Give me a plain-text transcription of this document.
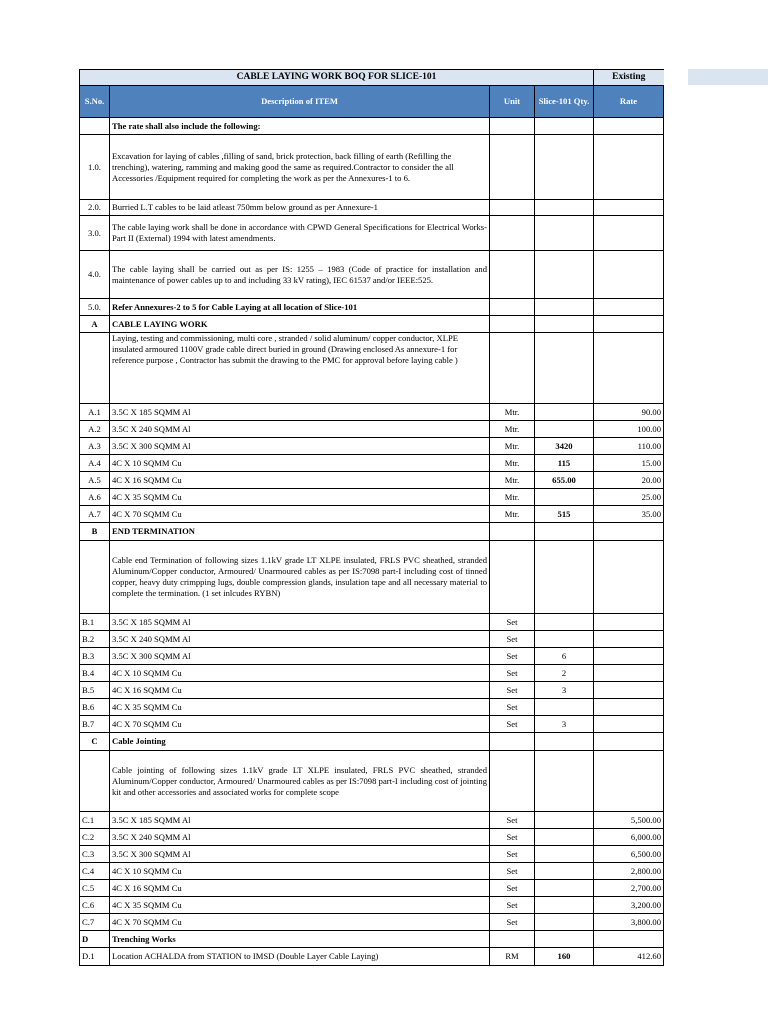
CABLE LAYING WORK BOQ FOR SLICE-101				Existing
S.No.	Description of ITEM	Unit	Slice-101 Qty.	Rate
	The rate shall also include the following:			
1.0.	Excavation for laying of cables ,filling of sand, brick protection, back filling of earth (Refilling the trenching), watering, ramming and making good the same as required.Contractor to consider the all Accessories /Equipment required for completing the work as per the Annexures-1 to 6.			
2.0.	Burried L.T cables to be laid atleast 750mm below ground as per Annexure-1			
3.0.	The cable laying work shall be done in accordance with CPWD General Specifications for Electrical Works- Part II (External) 1994 with latest amendments.			
4.0.	The cable laying shall be carried out as per IS: 1255 – 1983 (Code of practice for installation and maintenance of power cables up to and including 33 kV rating), IEC 61537 and/or IEEE:525.			
5.0.	Refer Annexures-2 to 5 for Cable Laying at all location of Slice-101			
A	CABLE LAYING WORK			
	Laying, testing and commissioning, multi core , stranded / solid aluminum/ copper conductor, XLPE insulated armoured 1100V grade cable direct buried in ground (Drawing enclosed As annexure-1 for reference purpose , Contractor has submit the drawing to the PMC for approval before laying cable )			
A.1	3.5C X 185 SQMM Al	Mtr.		90.00
A.2	3.5C X 240 SQMM Al	Mtr.		100.00
A.3	3.5C X 300 SQMM Al	Mtr.	3420	110.00
A.4	4C X 10 SQMM Cu	Mtr.	115	15.00
A.5	4C X 16 SQMM Cu	Mtr.	655.00	20.00
A.6	4C X 35 SQMM Cu	Mtr.		25.00
A.7	4C X 70 SQMM Cu	Mtr.	515	35.00
B	END TERMINATION			
	Cable end Termination of following sizes 1.1kV grade LT XLPE insulated, FRLS PVC sheathed, stranded Aluminum/Copper conductor, Armoured/ Unarmoured cables as per IS:7098 part-I including cost of tinned copper, heavy duty crimpping lugs, double compression glands, insulation tape and all necessary material to complete the termination. (1 set inlcudes RYBN)			
B.1	3.5C X 185 SQMM Al	Set		
B.2	3.5C X 240 SQMM Al	Set		
B.3	3.5C X 300 SQMM Al	Set	6	
B.4	4C X 10 SQMM Cu	Set	2	
B.5	4C X 16 SQMM Cu	Set	3	
B.6	4C X 35 SQMM Cu	Set		
B.7	4C X 70 SQMM Cu	Set	3	
C	Cable Jointing			
	Cable jointing of following sizes 1.1kV grade LT XLPE insulated, FRLS PVC sheathed, stranded Aluminum/Copper conductor, Armoured/ Unarmoured cables as per IS:7098 part-I including cost of jointing kit and other accessories and associated works for complete scope			
C.1	3.5C X 185 SQMM Al	Set		5,500.00
C.2	3.5C X 240 SQMM Al	Set		6,000.00
C.3	3.5C X 300 SQMM Al	Set		6,500.00
C.4	4C X 10 SQMM Cu	Set		2,800.00
C.5	4C X 16 SQMM Cu	Set		2,700.00
C.6	4C X 35 SQMM Cu	Set		3,200.00
C.7	4C X 70 SQMM Cu	Set		3,800.00
D	Trenching Works			
D.1	Location ACHALDA from STATION to IMSD (Double Layer Cable Laying)	RM	160	412.60
